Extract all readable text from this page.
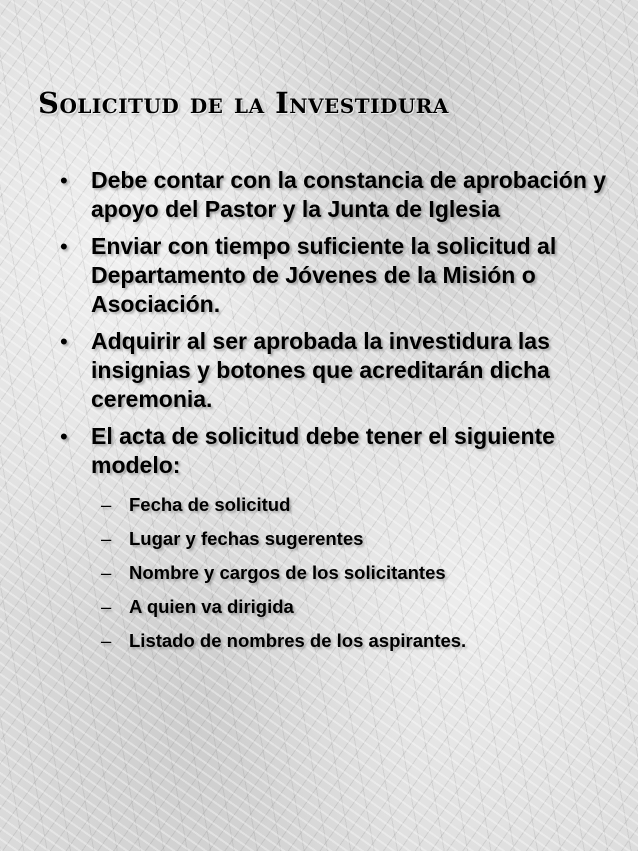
Solicitud de la Investidura
• Debe contar con la constancia de aprobación y apoyo del Pastor y la Junta de Iglesia
• Enviar con tiempo suficiente la solicitud al Departamento de Jóvenes de la Misión o Asociación.
• Adquirir al ser aprobada la investidura las insignias y botones que acreditarán dicha ceremonia.
• El acta de solicitud debe tener el siguiente modelo:
– Fecha de solicitud
– Lugar y fechas sugerentes
– Nombre y cargos de los solicitantes
– A quien va dirigida
– Listado de nombres de los aspirantes.
